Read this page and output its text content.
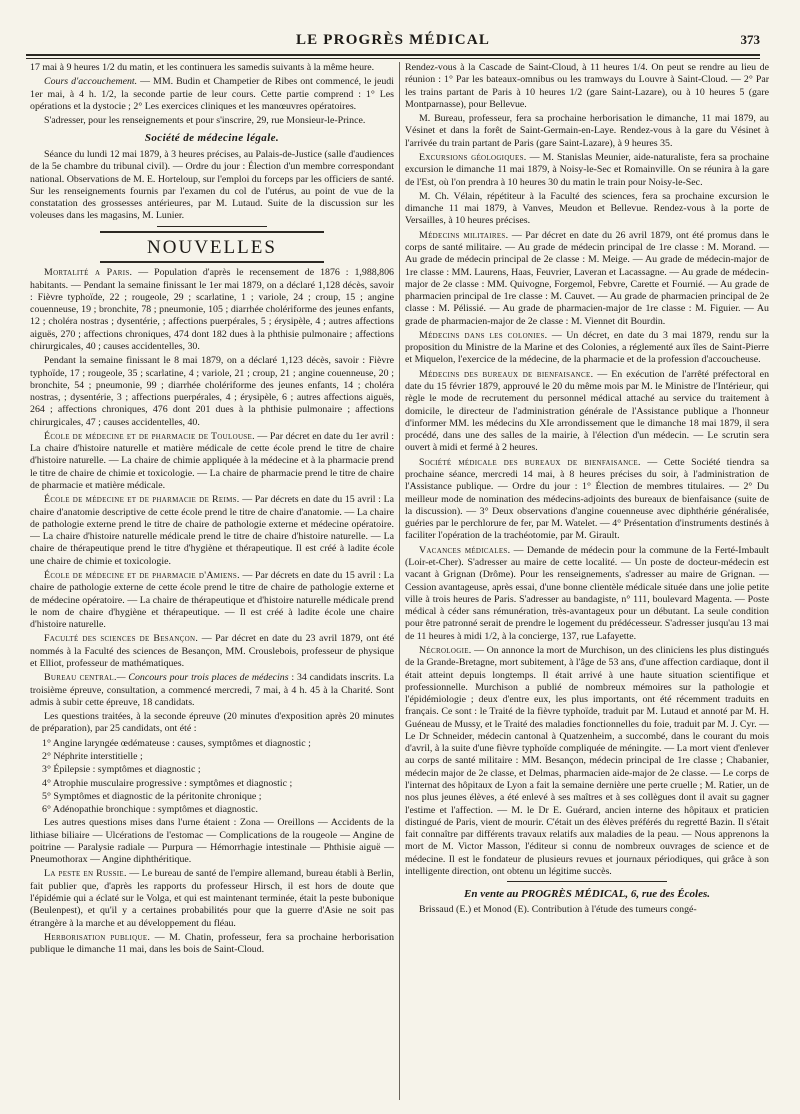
LE PROGRÈS MÉDICAL	373

17 mai à 9 heures 1/2 du matin, et les continuera les samedis suivants à la même heure.

Cours d'accouchement. — MM. Budin et Champetier de Ribes ont commencé, le jeudi 1er mai, à 4 h. 1/2, la seconde partie de leur cours. Cette partie comprend : 1° Les opérations et la dystocie ; 2° Les exercices cliniques et les manœuvres opératoires.

S'adresser, pour les renseignements et pour s'inscrire, 29, rue Monsieur-le-Prince.

Société de médecine légale.

Séance du lundi 12 mai 1879, à 3 heures précises, au Palais-de-Justice (salle d'audiences de la 5e chambre du tribunal civil). — Ordre du jour : Élection d'un membre correspondant national. Observations de M. E. Hortelouр, sur l'emploi du forceps par les officiers de santé. Sur les renseignements fournis par l'examen du col de l'utérus, au point de vue de la constatation des grossesses antérieures, par M. Lutaud. Suite de la discussion sur les voleuses dans les magasins, M. Lunier.

NOUVELLES

Mortalité a Paris. — Population d'après le recensement de 1876 : 1,988,806 habitants. — Pendant la semaine finissant le 1er mai 1879, on a déclaré 1,128 décès, savoir : Fièvre typhoïde, 22 ; rougeole, 29 ; scarlatine, 1 ; variole, 24 ; croup, 15 ; angine couenneuse, 19 ; bronchite, 78 ; pneumonie, 105 ; diarrhée cholériforme des jeunes enfants, 12 ; choléra nostras ; dysentérie, ; affections puerpérales, 5 ; érysipèle, 4 ; autres affections aiguës, 270 ; affections chroniques, 474 dont 182 dues à la phthisie pulmonaire ; affections chirurgicales, 40 ; causes accidentelles, 30.

Pendant la semaine finissant le 8 mai 1879, on a déclaré 1,123 décès, savoir : Fièvre typhoïde, 17 ; rougeole, 35 ; scarlatine, 4 ; variole, 21 ; croup, 21 ; angine couenneuse, 20 ; bronchite, 54 ; pneumonie, 99 ; diarrhée cholériforme des jeunes enfants, 14 ; choléra nostras, ; dysentérie, 3 ; affections puerpérales, 4 ; érysipèle, 6 ; autres affections aiguës, 264 ; affections chroniques, 476 dont 201 dues à la phthisie pulmonaire ; affections chirurgicales, 47 ; causes accidentelles, 40.

École de médecine et de pharmacie de Toulouse. — Par décret en date du 1er avril : La chaire d'histoire naturelle et matière médicale de cette école prend le titre de chaire d'histoire naturelle. — La chaire de chimie appliquée à la médecine et à la pharmacie prend le titre de chaire de chimie et toxicologie. — La chaire de pharmacie prend le titre de chaire de pharmacie et matière médicale.

École de médecine et de pharmacie de Reims. — Par décrets en date du 15 avril : La chaire d'anatomie descriptive de cette école prend le titre de chaire d'anatomie. — La chaire de pathologie externe prend le titre de chaire de pathologie externe et médecine opératoire. — La chaire d'histoire naturelle médicale prend le titre de chaire d'histoire naturelle. — La chaire de thérapeutique prend le titre d'hygiène et thérapeutique. Il est créé à ladite école une chaire de chimie et toxicologie.

École de médecine et de pharmacie d'Amiens. — Par décrets en date du 15 avril : La chaire de pathologie externe de cette école prend le titre de chaire de pathologie externe et de médecine opératoire. — La chaire de thérapeutique et d'histoire naturelle médicale prend le nom de chaire d'hygiène et thérapeutique. — Il est créé à ladite école une chaire d'histoire naturelle.

Faculté des sciences de Besançon. — Par décret en date du 23 avril 1879, ont été nommés à la Faculté des sciences de Besançon, MM. Crouslebois, professeur de physique et Elliot, professeur de mathématiques.

Bureau central.— Concours pour trois places de médecins : 34 candidats inscrits. La troisième épreuve, consultation, a commencé mercredi, 7 mai, à 4 h. 45 à la Charité. Sont admis à subir cette épreuve, 18 candidats.

Les questions traitées, à la seconde épreuve (20 minutes d'exposition après 20 minutes de préparation), par 25 candidats, ont été :

1° Angine laryngée œdémateuse : causes, symptômes et diagnostic ;
2° Néphrite interstitielle ;
3° Épilepsie : symptômes et diagnostic ;
4° Atrophie musculaire progressive : symptômes et diagnostic ;
5° Symptômes et diagnostic de la péritonite chronique ;
6° Adénopathie bronchique : symptômes et diagnostic.

Les autres questions mises dans l'urne étaient : Zona — Oreillons — Accidents de la lithiase biliaire — Ulcérations de l'estomac — Complications de la rougeole — Angine de poitrine — Paralysie radiale — Purpura — Hémorrhagie intestinale — Phthisie aiguë — Pneumothorax — Angine diphthéritique.

La peste en Russie. — Le bureau de santé de l'empire allemand, bureau établi à Berlin, fait publier que, d'après les rapports du professeur Hirsch, il est hors de doute que l'épidémie qui a éclaté sur le Volga, et qui est maintenant terminée, était la peste bubonique (Beulenpest), et qu'il y a certaines probabilités pour que la guerre d'Asie ne soit pas étrangère à la marche et au développement du fléau.

Herborisation publique. — M. Chatin, professeur, fera sa prochaine herborisation publique le dimanche 11 mai, dans les bois de Saint-Cloud.

Rendez-vous à la Cascade de Saint-Cloud, à 11 heures 1/4. On peut se rendre au lieu de réunion : 1° Par les bateaux-omnibus ou les tramways du Louvre à Saint-Cloud. — 2° Par les trains partant de Paris à 10 heures 1/2 (gare Saint-Lazare), ou à 10 heures 5 (gare Montparnasse), pour Bellevue.

M. Bureau, professeur, fera sa prochaine herborisation le dimanche, 11 mai 1879, au Vésinet et dans la forêt de Saint-Germain-en-Laye. Rendez-vous à la gare du Vésinet à l'arrivée du train partant de Paris (gare Saint-Lazare), à 9 heures 35.

Excursions géologiques. — M. Stanislas Meunier, aide-naturaliste, fera sa prochaine excursion le dimanche 11 mai 1879, à Noisy-le-Sec et Romainville. On se réunira à la gare de l'Est, où l'on prendra à 10 heures 30 du matin le train pour Noisy-le-Sec.

M. Ch. Vélain, répétiteur à la Faculté des sciences, fera sa prochaine excursion le dimanche 11 mai 1879, à Vanves, Meudon et Bellevue. Rendez-vous à la porte de Versailles, à 10 heures précises.

Médecins militaires. — Par décret en date du 26 avril 1879, ont été promus dans le corps de santé militaire. — Au grade de médecin principal de 1re classe : M. Morand. — Au grade de médecin principal de 2e classe : M. Meige. — Au grade de médecin-major de 1re classe : MM. Laurens, Haas, Feuvrier, Laveran et Lacassagne. — Au grade de médecin-major de 2e classe : MM. Quivogne, Forgemol, Febvre, Carette et Fournié. — Au grade de pharmacien principal de 1re classe : M. Cauvet. — Au grade de pharmacien principal de 2e classe : M. Pélissié. — Au grade de pharmacien-major de 1re classe : M. Figuier. — Au grade de pharmacien-major de 2e classe : M. Viennet dit Bourdin.

Médecins dans les colonies. — Un décret, en date du 3 mai 1879, rendu sur la proposition du Ministre de la Marine et des Colonies, a réglementé aux îles de Saint-Pierre et Miquelon, l'exercice de la médecine, de la pharmacie et de la profession d'accoucheuse.

Médecins des bureaux de bienfaisance. — En exécution de l'arrêté préfectoral en date du 15 février 1879, approuvé le 20 du même mois par M. le Ministre de l'Intérieur, qui règle le mode de recrutement du personnel médical attaché au service du traitement à domicile, le directeur de l'administration générale de l'Assistance publique a l'honneur d'informer MM. les médecins du XIe arrondissement que le dimanche 18 mai 1879, il sera procédé, dans une des salles de la mairie, à l'élection d'un médecin. — Le scrutin sera ouvert à midi et fermé à 2 heures.

Société médicale des bureaux de bienfaisance. — Cette Société tiendra sa prochaine séance, mercredi 14 mai, à 8 heures précises du soir, à l'administration de l'Assistance publique. — Ordre du jour : 1° Élection de membres titulaires. — 2° Du meilleur mode de nomination des médecins-adjoints des bureaux de bienfaisance (suite de la discussion). — 3° Deux observations d'angine couenneuse avec diphthérie généralisée, guéries par le perchlorure de fer, par M. Watelet. — 4° Présentation d'instruments destinés à faciliter l'opération de la trachéotomie, par M. Girault.

Vacances médicales. — Demande de médecin pour la commune de la Ferté-Imbault (Loir-et-Cher). S'adresser au maire de cette localité. — Un poste de docteur-médecin est vacant à Grignan (Drôme). Pour les renseignements, s'adresser au maire de Grignan. — Cession avantageuse, après essai, d'une bonne clientèle médicale située dans une jolie petite ville à trois heures de Paris. S'adresser au bandagiste, n° 111, boulevard Magenta. — Poste médical à céder sans rémunération, très-avantageux pour un débutant. La seule condition pour être patronné serait de prendre le logement du prédécesseur. S'adresser jusqu'au 13 mai de 11 heures à midi 1/2, à la concierge, 137, rue Lafayette.

Nécrologie. — On annonce la mort de Murchison, un des cliniciens les plus distingués de la Grande-Bretagne, mort subitement, à l'âge de 53 ans, d'une affection cardiaque, dont il était atteint depuis longtemps. Il était arrivé à une haute situation scientifique et professionnelle. Murchison a publié de nombreux mémoires sur la pathologie et l'épidémiologie ; deux d'entre eux, les plus importants, ont été récemment traduits en français. Ce sont : le Traité de la fièvre typhoïde, traduit par M. Lutaud et annoté par M. H. Guéneau de Mussy, et le Traité des maladies fonctionnelles du foie, traduit par M. J. Cyr. — Le Dr Schneider, médecin cantonal à Quatzenheim, a succombé, dans le courant du mois d'avril, à la suite d'une fièvre typhoïde compliquée de méningite. — La mort vient d'enlever au corps de santé militaire : MM. Besançon, médecin principal de 1re classe ; Chabanier, médecin major de 2e classe, et Delmas, pharmacien aide-major de 2e classe. — Le corps de l'internat des hôpitaux de Lyon a fait la semaine dernière une perte cruelle ; M. Ratier, un de nos plus jeunes élèves, a été enlevé à ses maîtres et à ses collègues dont il avait su gagner l'estime et l'affection. — M. le Dr E. Guérard, ancien interne des hôpitaux et praticien distingué de Paris, vient de mourir. C'était un des élèves préférés du regretté Bazin. Il s'était fait connaître par différents travaux relatifs aux maladies de la peau. — Nous apprenons la mort de M. Victor Masson, l'éditeur si connu de nombreux ouvrages de science et de médecine. Il est le fondateur de plusieurs revues et journaux périodiques, qui grâce à son intelligente direction, ont obtenu un légitime succès.

En vente au PROGRÈS MÉDICAL, 6, rue des Écoles.

Brissaud (E.) et Monod (E). Contribution à l'étude des tumeurs congé-
